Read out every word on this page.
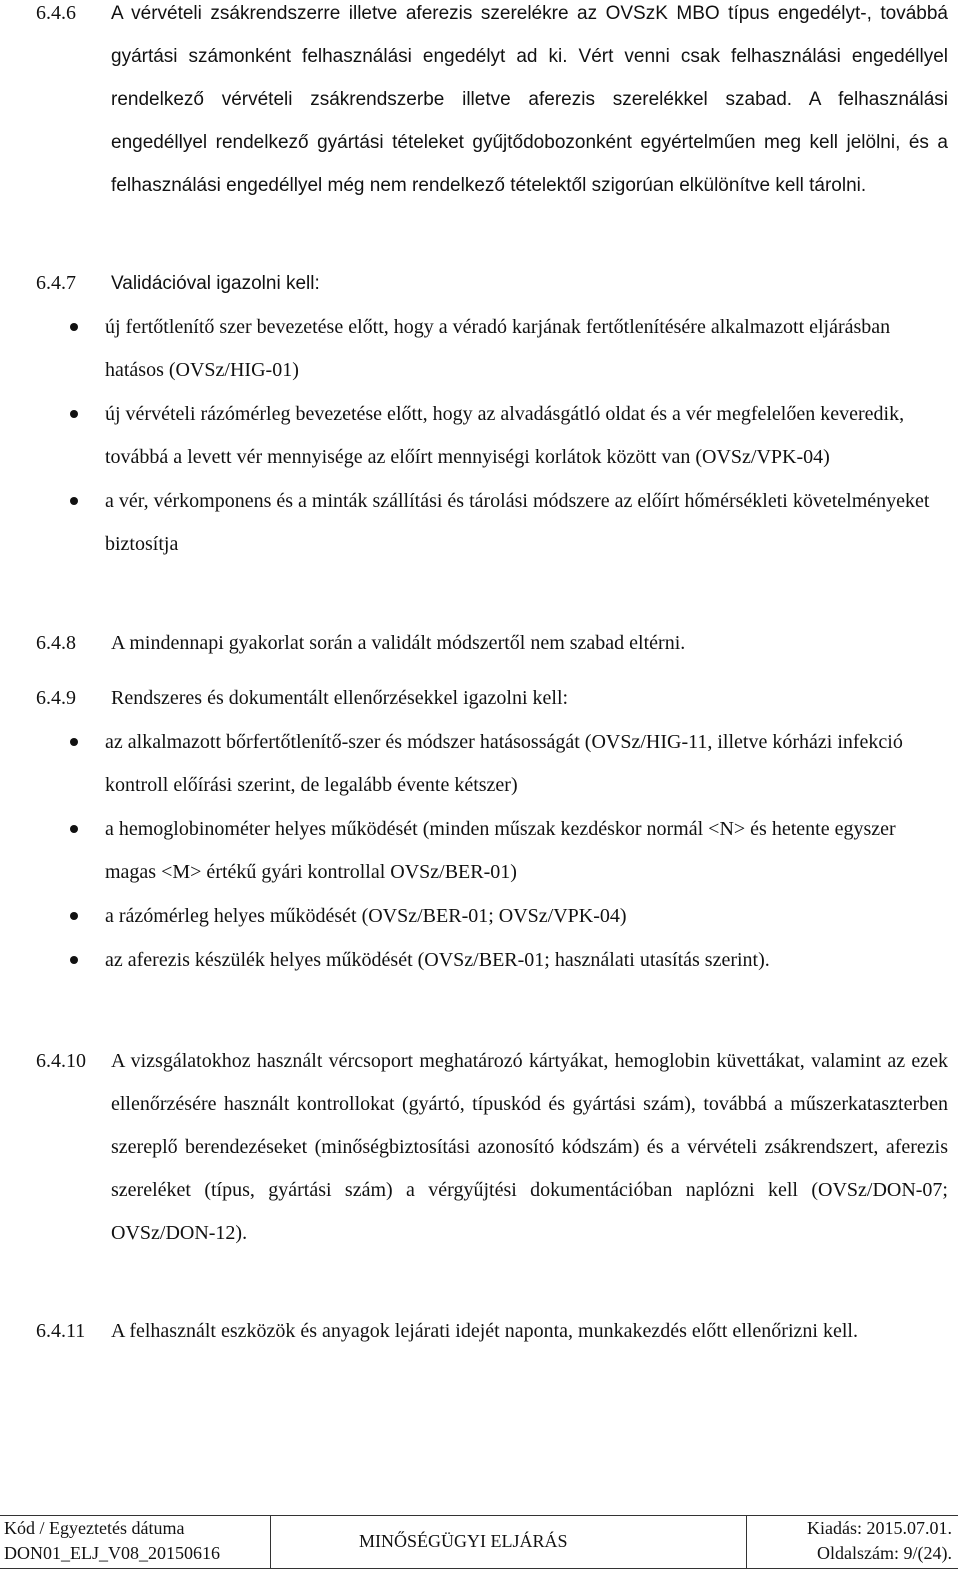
6.4.6 A vérvételi zsákrendszerre illetve aferezis szerelékre az OVSzK MBO típus engedélyt-, továbbá gyártási számonként felhasználási engedélyt ad ki. Vért venni csak felhasználási engedéllyel rendelkező vérvételi zsákrendszerbe illetve aferezis szerelékkel szabad. A felhasználási engedéllyel rendelkező gyártási tételeket gyűjtődobozonként egyértelműen meg kell jelölni, és a felhasználási engedéllyel még nem rendelkező tételektől szigorúan elkülönítve kell tárolni.
6.4.7 Validációval igazolni kell:
új fertőtlenítő szer bevezetése előtt, hogy a véradó karjának fertőtlenítésére alkalmazott eljárásban hatásos (OVSz/HIG-01)
új vérvételi rázómérleg bevezetése előtt, hogy az alvadásgátló oldat és a vér megfelelően keveredik, továbbá a levett vér mennyisége az előírt mennyiségi korlátok között van (OVSz/VPK-04)
a vér, vérkomponens és a minták szállítási és tárolási módszere az előírt hőmérsékleti követelményeket biztosítja
6.4.8 A mindennapi gyakorlat során a validált módszertől nem szabad eltérni.
6.4.9 Rendszeres és dokumentált ellenőrzésekkel igazolni kell:
az alkalmazott bőrfertőtlenítő-szer és módszer hatásosságát (OVSz/HIG-11, illetve kórházi infekció kontroll előírási szerint, de legalább évente kétszer)
a hemoglobinométer helyes működését (minden műszak kezdéskor normál <N> és hetente egyszer magas <M> értékű gyári kontrollal OVSz/BER-01)
a rázómérleg helyes működését (OVSz/BER-01; OVSz/VPK-04)
az aferezis készülék helyes működését (OVSz/BER-01; használati utasítás szerint).
6.4.10 A vizsgálatokhoz használt vércsoport meghatározó kártyákat, hemoglobin küvettákat, valamint az ezek ellenőrzésére használt kontrollokat (gyártó, típuskód és gyártási szám), továbbá a műszerkataszterben szereplő berendezéseket (minőségbiztosítási azonosító kódszám) és a vérvételi zsákrendszert, aferezis szereléket (típus, gyártási szám) a vérgyűjtési dokumentációban naplózni kell (OVSz/DON-07; OVSz/DON-12).
6.4.11 A felhasznált eszközök és anyagok lejárati idejét naponta, munkakezdés előtt ellenőrizni kell.
Kód / Egyeztetés dátuma
DON01_ELJ_V08_20150616
MINŐSÉGÜGYI ELJÁRÁS
Kiadás: 2015.07.01.
Oldalszám: 9/(24).
